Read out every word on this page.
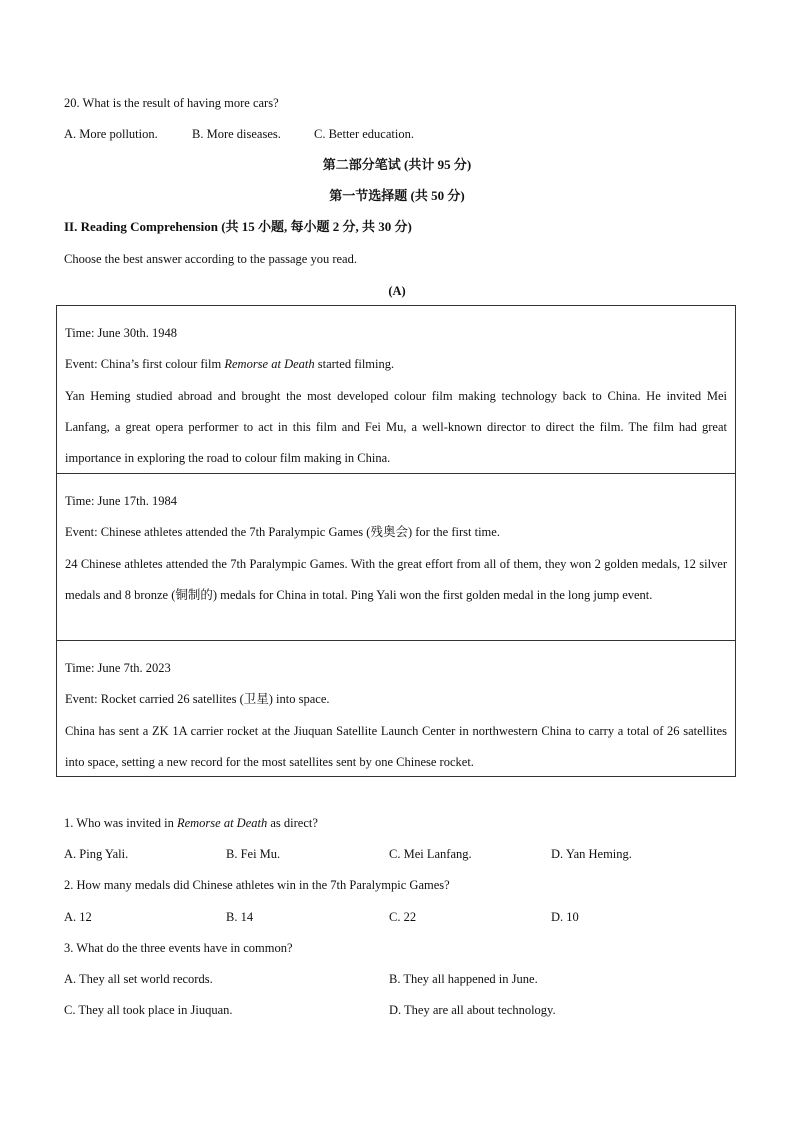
20. What is the result of having more cars?
A. More pollution.	B. More diseases.	C. Better education.
第二部分笔试 (共计 95 分)
第一节选择题 (共 50 分)
II. Reading Comprehension (共 15 小题, 每小题 2 分, 共 30 分)
Choose the best answer according to the passage you read.
(A)

Time: June 30th. 1948

Event: China’s first colour film Remorse at Death started filming.

Yan Heming studied abroad and brought the most developed colour film making technology back to China. He invited Mei Lanfang, a great opera performer to act in this film and Fei Mu, a well-known director to direct the film. The film had great importance in exploring the road to colour film making in China.

Time: June 17th. 1984

Event: Chinese athletes attended the 7th Paralympic Games (残奥会) for the first time.

24 Chinese athletes attended the 7th Paralympic Games. With the great effort from all of them, they won 2 golden medals, 12 silver medals and 8 bronze (铜制的) medals for China in total. Ping Yali won the first golden medal in the long jump event.

Time: June 7th. 2023

Event: Rocket carried 26 satellites (卫星) into space.

China has sent a ZK 1A carrier rocket at the Jiuquan Satellite Launch Center in northwestern China to carry a total of 26 satellites into space, setting a new record for the most satellites sent by one Chinese rocket.

1. Who was invited in Remorse at Death as direct?
A. Ping Yali.	B. Fei Mu.	C. Mei Lanfang.	D. Yan Heming.
2. How many medals did Chinese athletes win in the 7th Paralympic Games?
A. 12	B. 14	C. 22	D. 10
3. What do the three events have in common?
A. They all set world records.	B. They all happened in June.
C. They all took place in Jiuquan.	D. They are all about technology.
